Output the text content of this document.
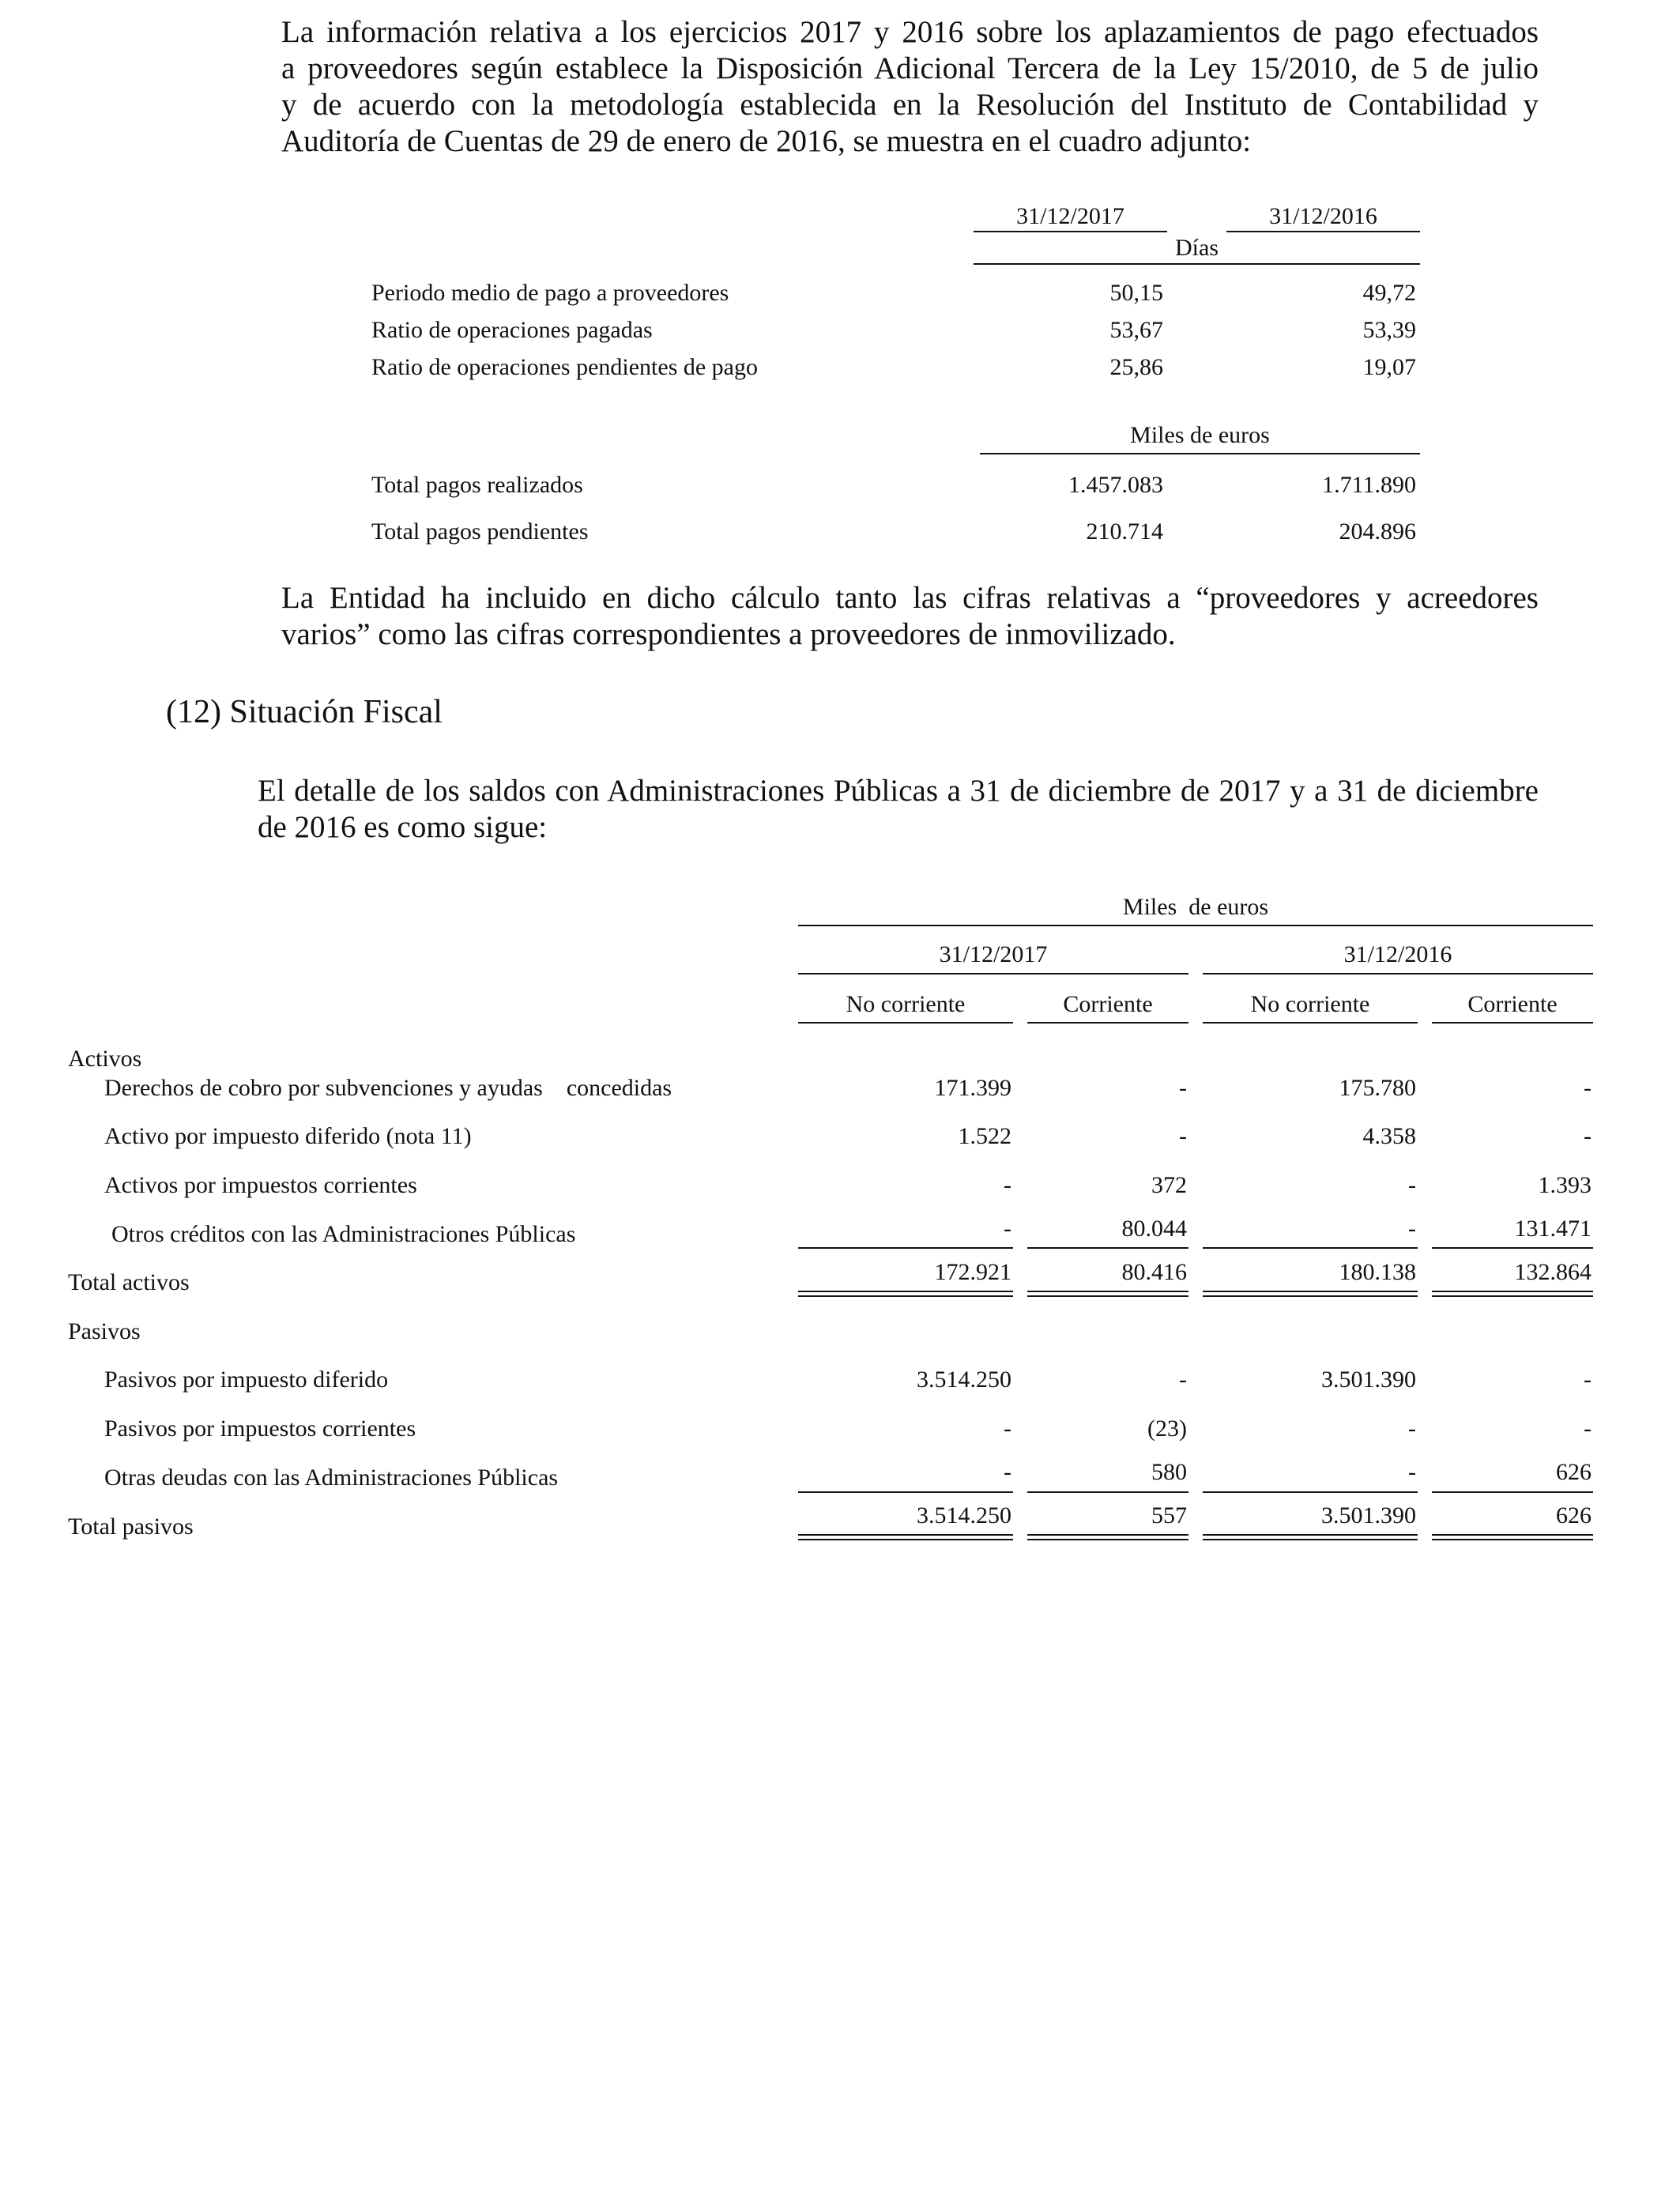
La información relativa a los ejercicios 2017 y 2016 sobre los aplazamientos de pago efectuados

a proveedores según establece la Disposición Adicional Tercera de la Ley 15/2010, de 5 de julio

y de acuerdo con la metodología establecida en la Resolución del Instituto de Contabilidad y

Auditoría de Cuentas de 29 de enero de 2016, se muestra en el cuadro adjunto:

31/12/2017	31/12/2016
Días
Periodo medio de pago a proveedores	50,15	49,72
Ratio de operaciones pagadas	53,67	53,39
Ratio de operaciones pendientes de pago	25,86	19,07
Miles de euros
Total pagos realizados	1.457.083	1.711.890
Total pagos pendientes	210.714	204.896

La Entidad ha incluido en dicho cálculo tanto las cifras relativas a “proveedores y acreedores

varios” como las cifras correspondientes a proveedores de inmovilizado.

(12) Situación Fiscal

El detalle de los saldos con Administraciones Públicas a 31 de diciembre de 2017 y a 31 de diciembre

de 2016 es como sigue:

Miles  de euros
31/12/2017	31/12/2016
No corriente	Corriente	No corriente	Corriente
Activos
Derechos de cobro por subvenciones y ayudas    concedidas	171.399	-	175.780	-
Activo por impuesto diferido (nota 11)	1.522	-	4.358	-
Activos por impuestos corrientes	-	372	-	1.393
Otros créditos con las Administraciones Públicas	-	80.044	-	131.471
Total activos	172.921	80.416	180.138	132.864
Pasivos
Pasivos por impuesto diferido	3.514.250	-	3.501.390	-
Pasivos por impuestos corrientes	-	(23)	-	-
Otras deudas con las Administraciones Públicas	-	580	-	626
Total pasivos	3.514.250	557	3.501.390	626
